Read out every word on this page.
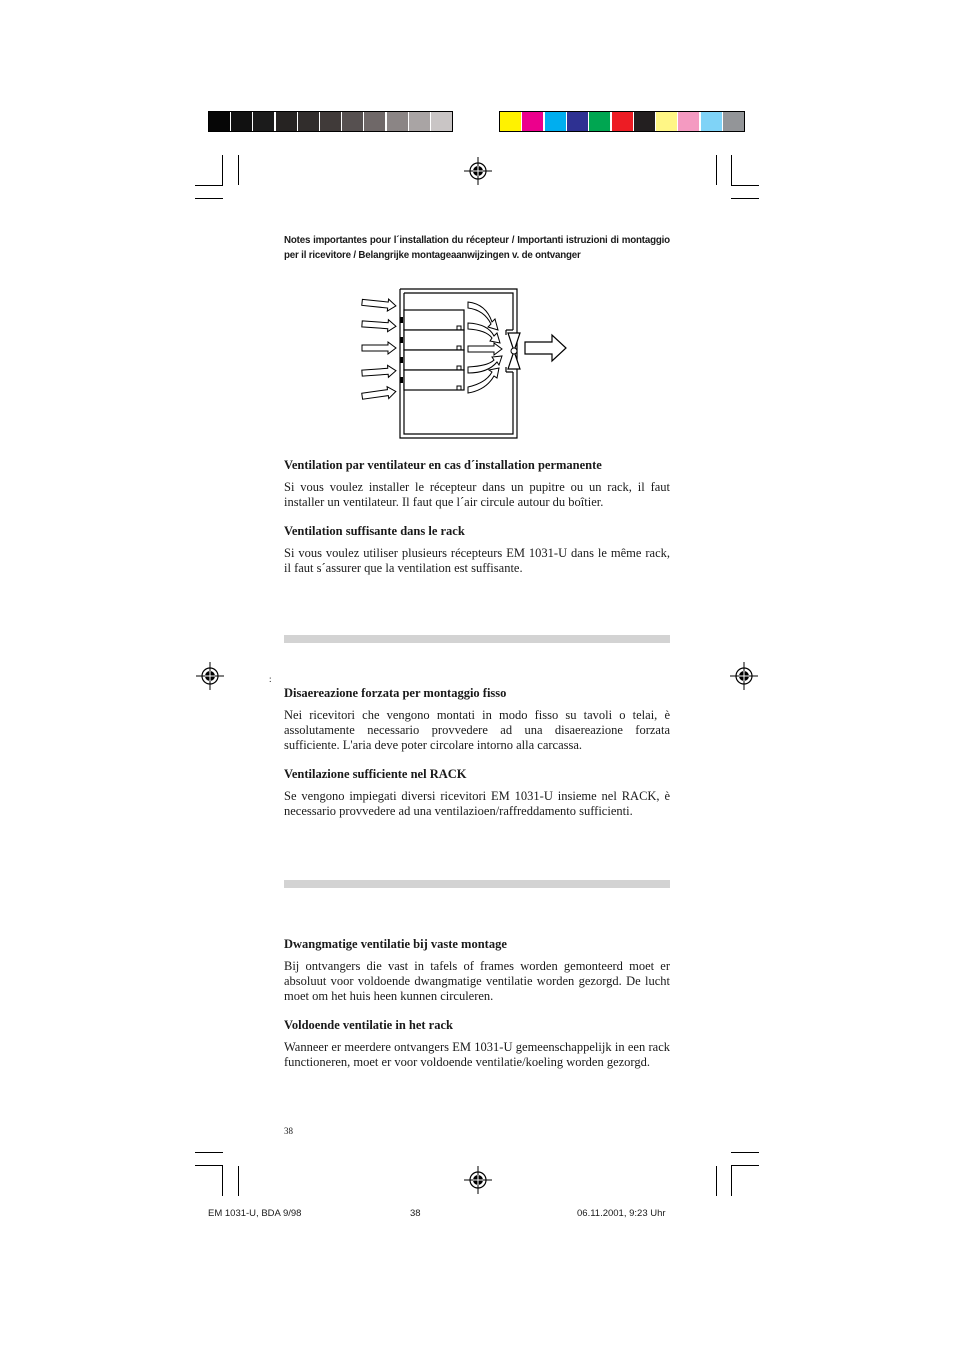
Notes importantes pour l´installation du récepteur / Importanti istruzioni di montaggio per il ricevitore / Belangrijke montageaanwijzingen v. de ontvanger
Ventilation par ventilateur en cas d´installation permanente
Si vous voulez installer le récepteur dans un pupitre ou un rack, il faut installer un ventilateur. Il faut que l´air circule autour du boîtier.
Ventilation suffisante dans le rack
Si vous voulez utiliser plusieurs récepteurs EM 1031-U dans le même rack, il faut s´assurer que la ventilation est suffisante.
:
Disaereazione forzata per montaggio fisso
Nei ricevitori che vengono montati in modo fisso su tavoli o telai, è assolutamente necessario provvedere ad una disaereazione forzata sufficiente. L'aria deve poter circolare intorno alla carcassa.
Ventilazione sufficiente nel RACK
Se vengono impiegati diversi ricevitori EM 1031-U insieme nel RACK, è necessario provvedere ad una ventilazioen/raffreddamento sufficienti.
Dwangmatige ventilatie bij vaste montage
Bij ontvangers die vast in tafels of frames worden gemonteerd moet er absoluut voor voldoende dwangmatige ventilatie worden gezorgd. De lucht moet om het huis heen kunnen circuleren.
Voldoende ventilatie in het rack
Wanneer er meerdere ontvangers EM 1031-U gemeenschappelijk in een rack functioneren, moet er voor voldoende ventilatie/koeling worden gezorgd.
38
EM 1031-U, BDA 9/98	38	06.11.2001, 9:23 Uhr
